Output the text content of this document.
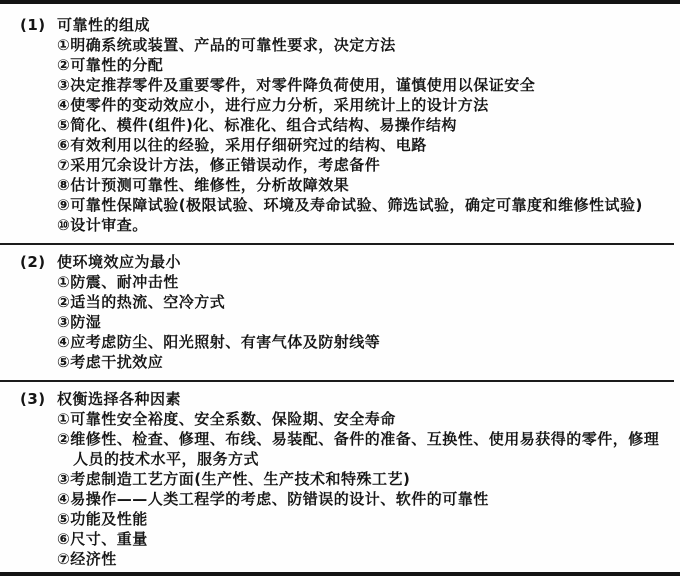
(1) 可靠性的组成
①明确系统或装置、产品的可靠性要求，决定方法
②可靠性的分配
③决定推荐零件及重要零件，对零件降负荷使用，谨慎使用以保证安全
④使零件的变动效应小，进行应力分析，采用统计上的设计方法
⑤简化、模件(组件)化、标准化、组合式结构、易操作结构
⑥有效利用以往的经验，采用仔细研究过的结构、电路
⑦采用冗余设计方法，修正错误动作，考虑备件
⑧估计预测可靠性、维修性，分析故障效果
⑨可靠性保障试验(极限试验、环境及寿命试验、筛选试验，确定可靠度和维修性试验)
⑩设计审查。
(2) 使环境效应为最小
①防震、耐冲击性
②适当的热流、空冷方式
③防湿
④应考虑防尘、阳光照射、有害气体及防射线等
⑤考虑干扰效应
(3) 权衡选择各种因素
①可靠性安全裕度、安全系数、保险期、安全寿命
②维修性、检查、修理、布线、易装配、备件的准备、互换性、使用易获得的零件，修理人员的技术水平，服务方式
③考虑制造工艺方面(生产性、生产技术和特殊工艺)
④易操作——人类工程学的考虑、防错误的设计、软件的可靠性
⑤功能及性能
⑥尺寸、重量
⑦经济性
